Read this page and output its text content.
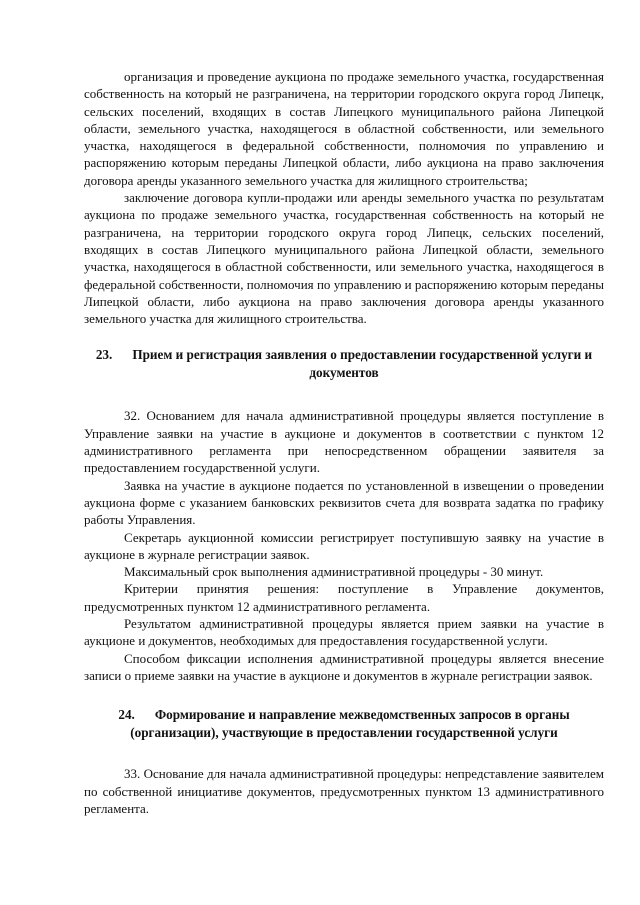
организация и проведение аукциона по продаже земельного участка, государственная собственность на который не разграничена, на территории городского округа город Липецк, сельских поселений, входящих в состав Липецкого муниципального района Липецкой области, земельного участка, находящегося в областной собственности, или земельного участка, находящегося в федеральной собственности, полномочия по управлению и распоряжению которым переданы Липецкой области, либо аукциона на право заключения договора аренды указанного земельного участка для жилищного строительства;

заключение договора купли-продажи или аренды земельного участка по результатам аукциона по продаже земельного участка, государственная собственность на который не разграничена, на территории городского округа город Липецк, сельских поселений, входящих в состав Липецкого муниципального района Липецкой области, земельного участка, находящегося в областной собственности, или земельного участка, находящегося в федеральной собственности, полномочия по управлению и распоряжению которым переданы Липецкой области, либо аукциона на право заключения договора аренды указанного земельного участка для жилищного строительства.

23. Прием и регистрация заявления о предоставлении государственной услуги и документов

32. Основанием для начала административной процедуры является поступление в Управление заявки на участие в аукционе и документов в соответствии с пунктом 12 административного регламента при непосредственном обращении заявителя за предоставлением государственной услуги.

Заявка на участие в аукционе подается по установленной в извещении о проведении аукциона форме с указанием банковских реквизитов счета для возврата задатка по графику работы Управления.

Секретарь аукционной комиссии регистрирует поступившую заявку на участие в аукционе в журнале регистрации заявок.

Максимальный срок выполнения административной процедуры - 30 минут.

Критерии принятия решения: поступление в Управление документов, предусмотренных пунктом 12 административного регламента.

Результатом административной процедуры является прием заявки на участие в аукционе и документов, необходимых для предоставления государственной услуги.

Способом фиксации исполнения административной процедуры является внесение записи о приеме заявки на участие в аукционе и документов в журнале регистрации заявок.

24. Формирование и направление межведомственных запросов в органы (организации), участвующие в предоставлении государственной услуги

33. Основание для начала административной процедуры: непредставление заявителем по собственной инициативе документов, предусмотренных пунктом 13 административного регламента.
